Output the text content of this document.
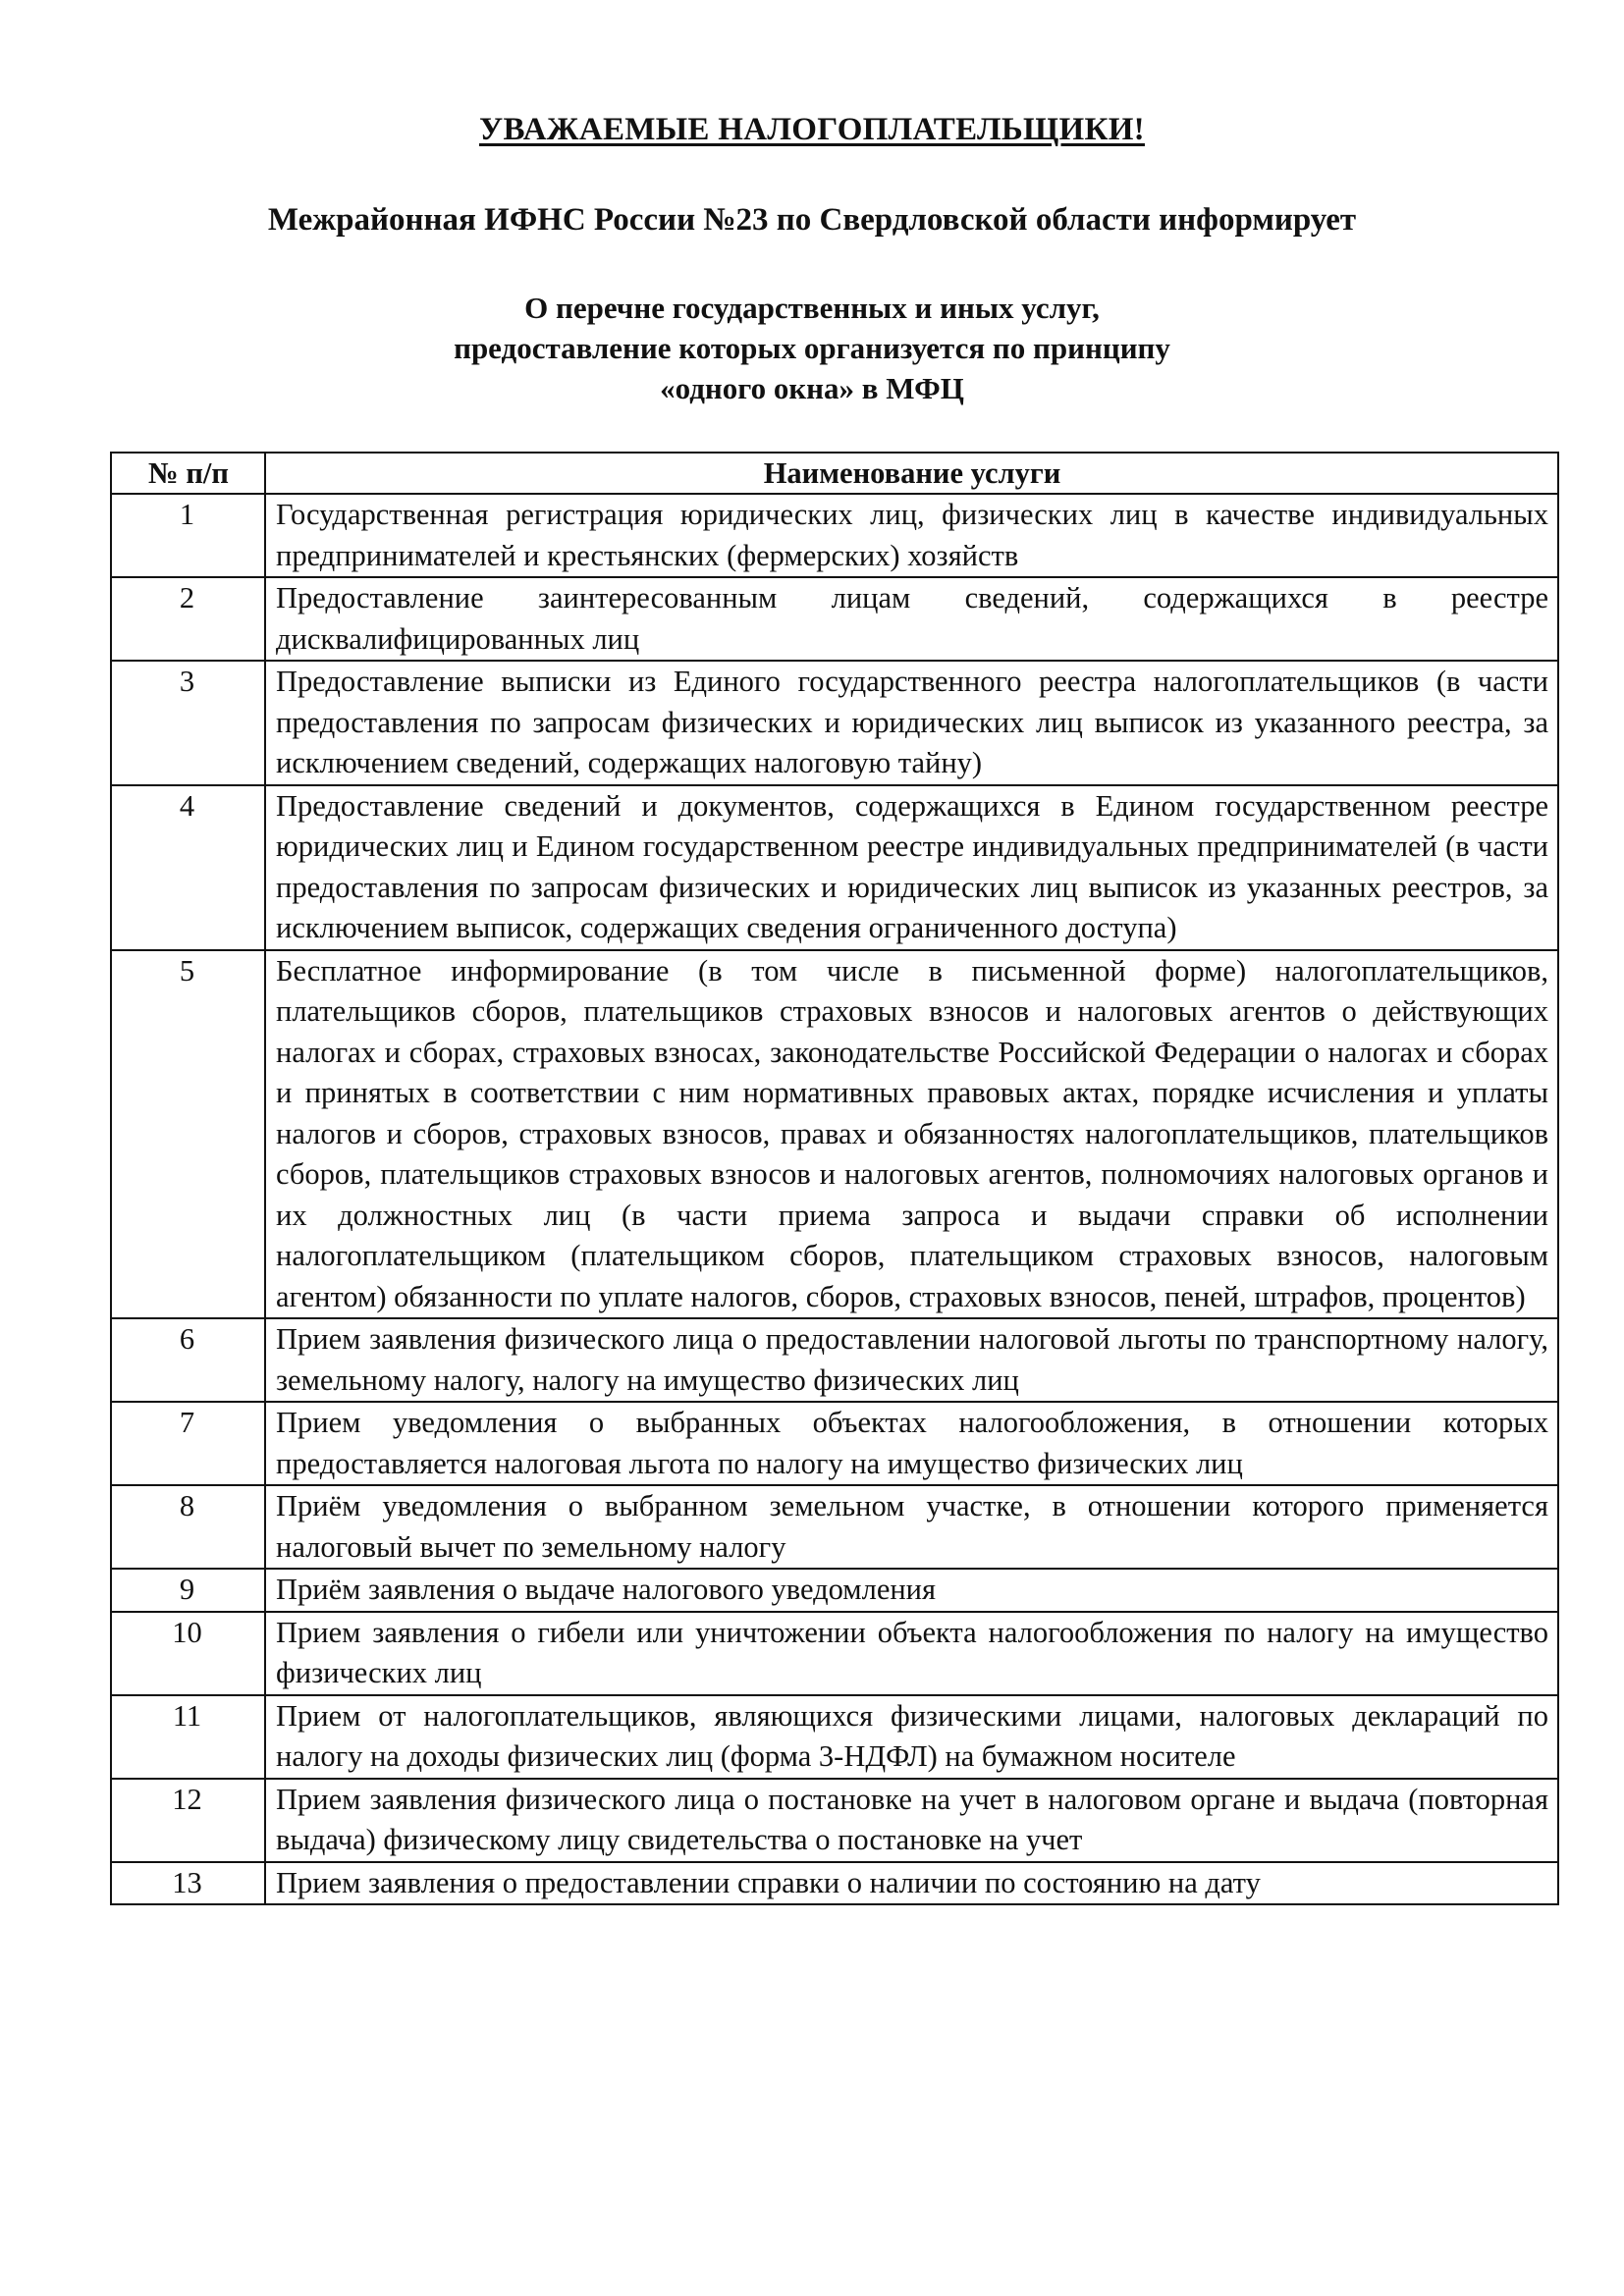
УВАЖАЕМЫЕ НАЛОГОПЛАТЕЛЬЩИКИ!
Межрайонная ИФНС России №23 по Свердловской области информирует
О перечне государственных и иных услуг,
предоставление которых организуется по принципу
«одного окна» в МФЦ
№ п/п	Наименование услуги
1	Государственная регистрация юридических лиц, физических лиц в качестве индивидуальных предпринимателей и крестьянских (фермерских) хозяйств
2	Предоставление заинтересованным лицам сведений, содержащихся в реестре дисквалифицированных лиц
3	Предоставление выписки из Единого государственного реестра налогоплательщиков (в части предоставления по запросам физических и юридических лиц выписок из указанного реестра, за исключением сведений, содержащих налоговую тайну)
4	Предоставление сведений и документов, содержащихся в Едином государственном реестре юридических лиц и Едином государственном реестре индивидуальных предпринимателей (в части предоставления по запросам физических и юридических лиц выписок из указанных реестров, за исключением выписок, содержащих сведения ограниченного доступа)
5	Бесплатное информирование (в том числе в письменной форме) налогоплательщиков, плательщиков сборов, плательщиков страховых взносов и налоговых агентов о действующих налогах и сборах, страховых взносах, законодательстве Российской Федерации о налогах и сборах и принятых в соответствии с ним нормативных правовых актах, порядке исчисления и уплаты налогов и сборов, страховых взносов, правах и обязанностях налогоплательщиков, плательщиков сборов, плательщиков страховых взносов и налоговых агентов, полномочиях налоговых органов и их должностных лиц (в части приема запроса и выдачи справки об исполнении налогоплательщиком (плательщиком сборов, плательщиком страховых взносов, налоговым агентом) обязанности по уплате налогов, сборов, страховых взносов, пеней, штрафов, процентов)
6	Прием заявления физического лица о предоставлении налоговой льготы по транспортному налогу, земельному налогу, налогу на имущество физических лиц
7	Прием уведомления о выбранных объектах налогообложения, в отношении которых предоставляется налоговая льгота по налогу на имущество физических лиц
8	Приём уведомления о выбранном земельном участке, в отношении которого применяется налоговый вычет по земельному налогу
9	Приём заявления о выдаче налогового уведомления
10	Прием заявления о гибели или уничтожении объекта налогообложения по налогу на имущество физических лиц
11	Прием от налогоплательщиков, являющихся физическими лицами, налоговых деклараций по налогу на доходы физических лиц (форма 3-НДФЛ) на бумажном носителе
12	Прием заявления физического лица о постановке на учет в налоговом органе и выдача (повторная выдача) физическому лицу свидетельства о постановке на учет
13	Прием заявления о предоставлении справки о наличии по состоянию на дату
